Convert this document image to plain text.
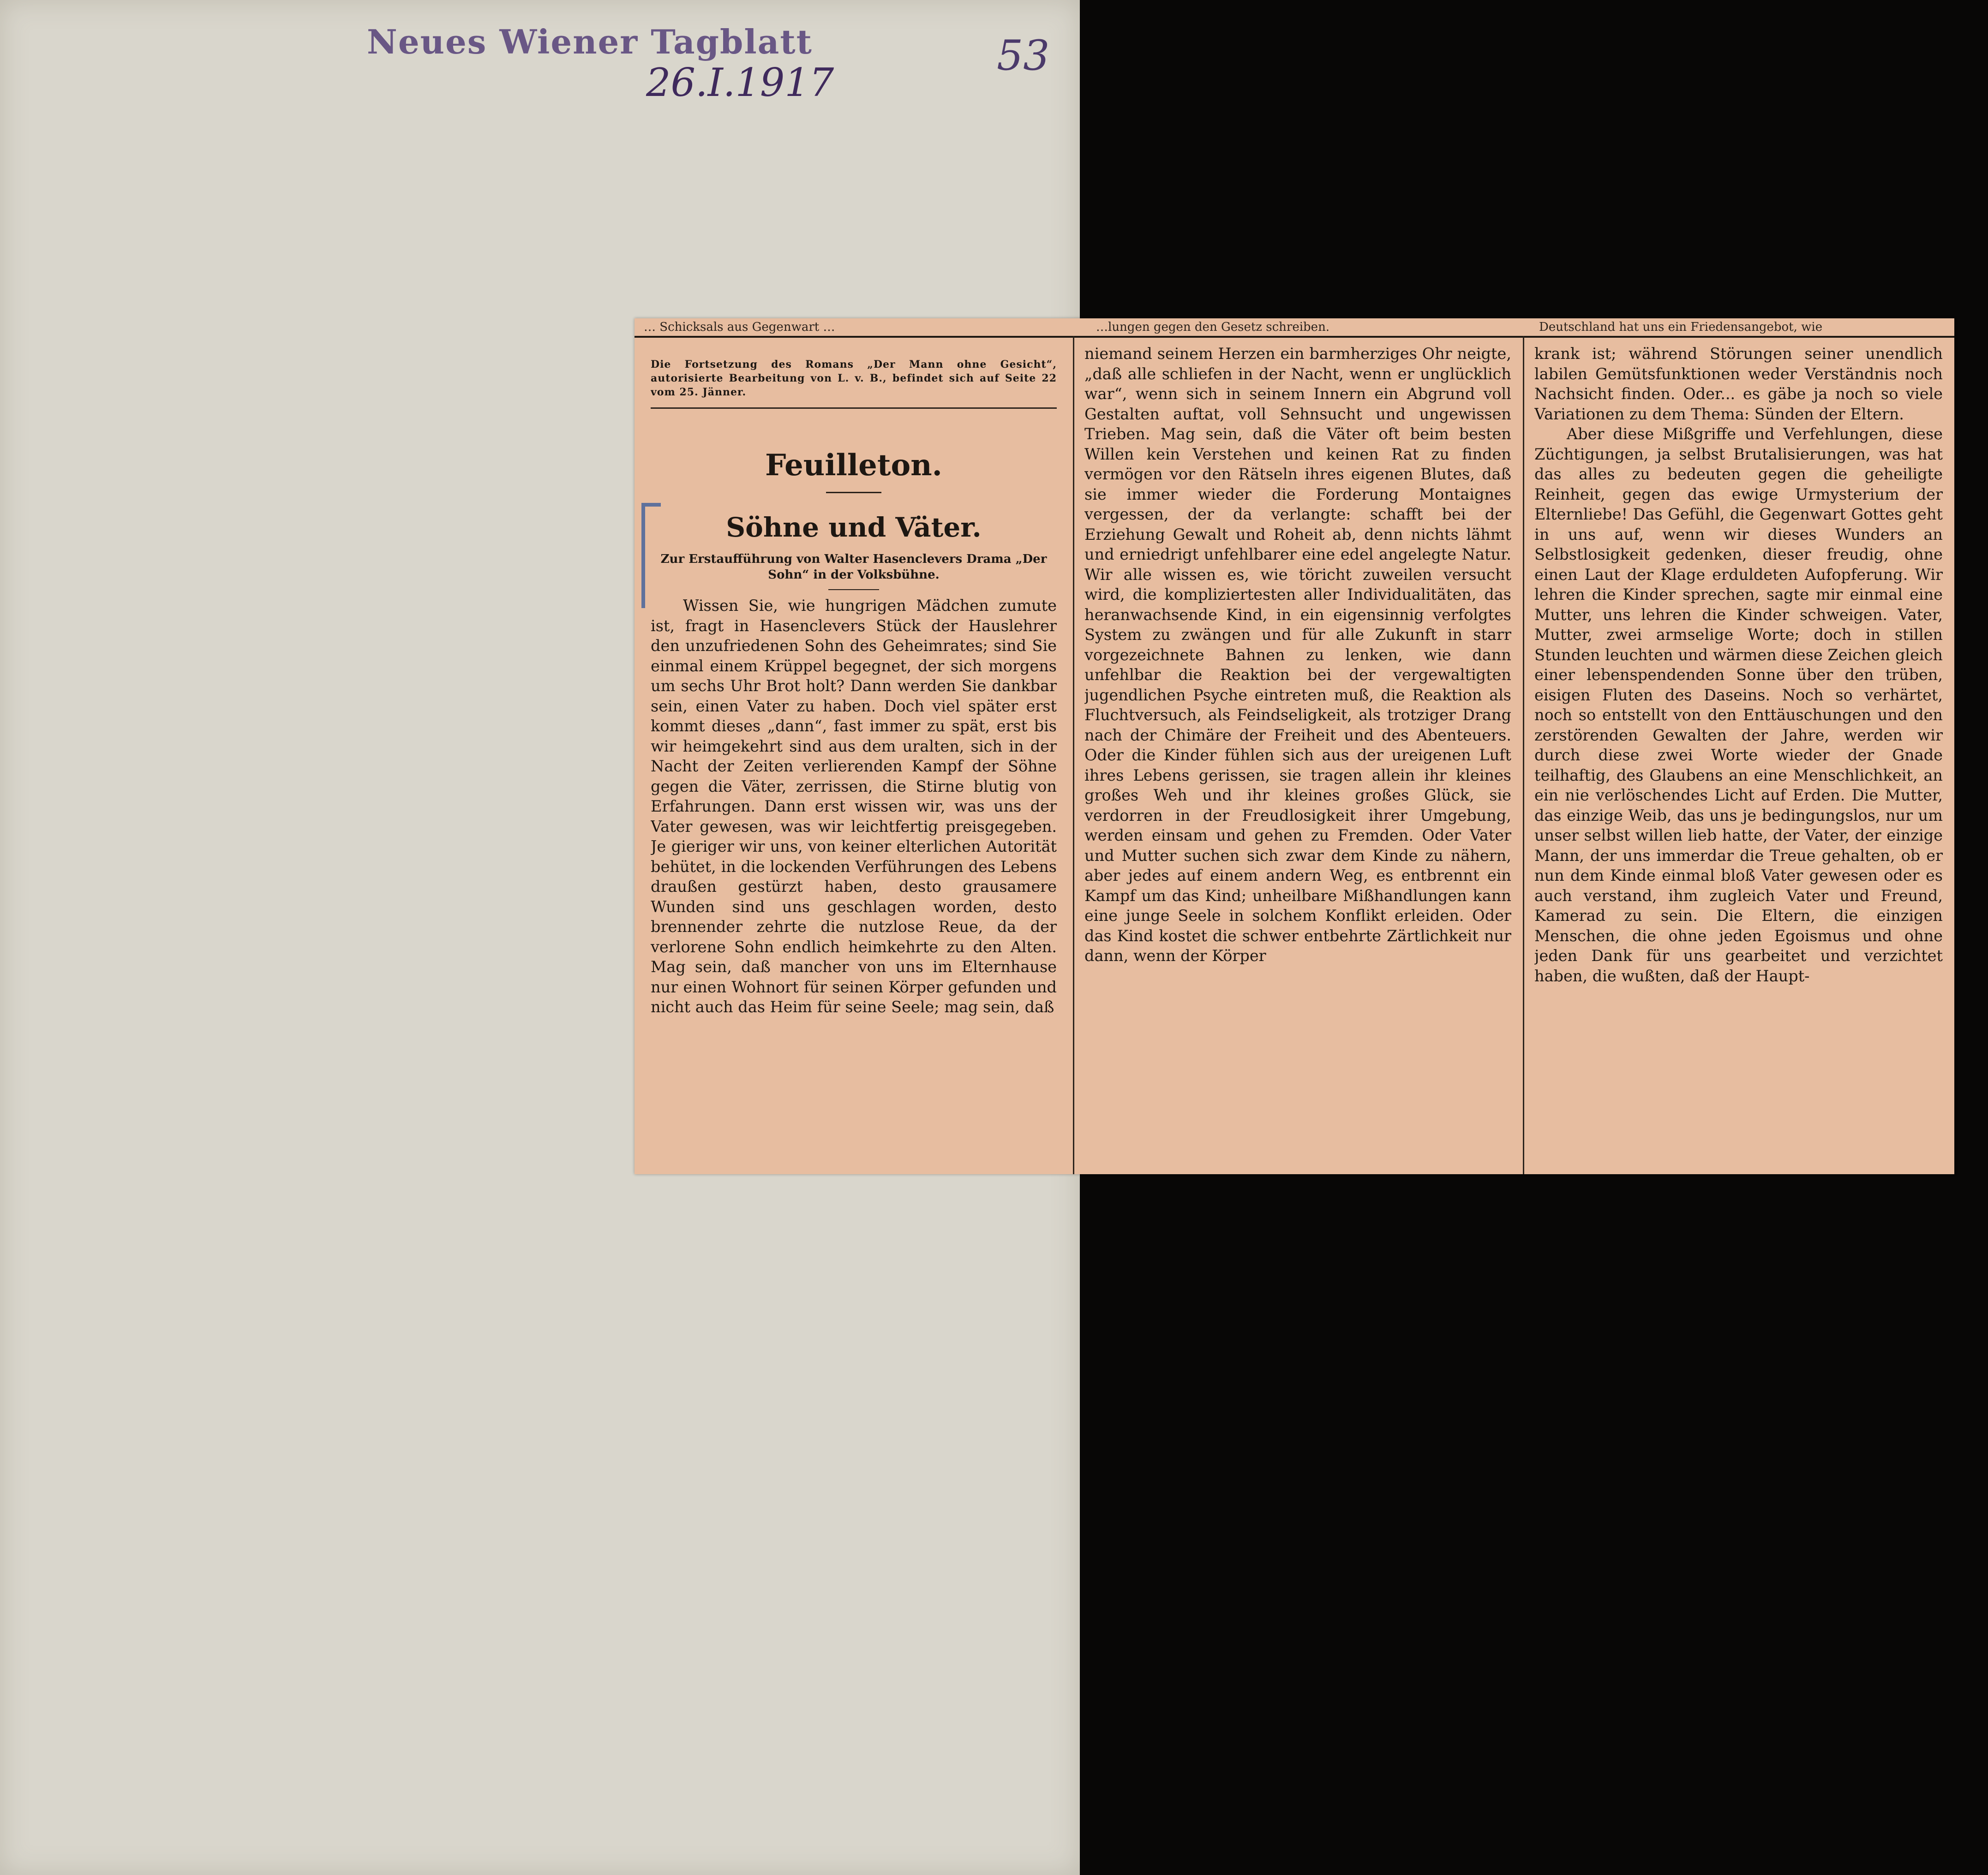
Neues Wiener Tagblatt
26.I.1917
53
… Schicksals aus Gegenwart …	…lungen gegen den Gesetz schreiben.	Deutschland hat uns ein Friedensangebot, wie
Die Fortsetzung des Romans „Der Mann ohne Gesicht“, autorisierte Bearbeitung von L. v. B., befindet sich auf Seite 22 vom 25. Jänner.
Feuilleton.
Söhne und Väter.
Zur Erstaufführung von Walter Hasenclevers Drama „Der Sohn“ in der Volksbühne.

Wissen Sie, wie hungrigen Mädchen zumute ist, fragt in Hasenclevers Stück der Hauslehrer den unzufriedenen Sohn des Geheimrates; sind Sie einmal einem Krüppel begegnet, der sich morgens um sechs Uhr Brot holt? Dann werden Sie dankbar sein, einen Vater zu haben. Doch viel später erst kommt dieses „dann“, fast immer zu spät, erst bis wir heimgekehrt sind aus dem uralten, sich in der Nacht der Zeiten verlierenden Kampf der Söhne gegen die Väter, zerrissen, die Stirne blutig von Erfahrungen. Dann erst wissen wir, was uns der Vater gewesen, was wir leichtfertig preisgegeben. Je gieriger wir uns, von keiner elterlichen Autorität behütet, in die lockenden Verführungen des Lebens draußen gestürzt haben, desto grausamere Wunden sind uns geschlagen worden, desto brennender zehrte die nutzlose Reue, da der verlorene Sohn endlich heimkehrte zu den Alten. Mag sein, daß mancher von uns im Elternhause nur einen Wohnort für seinen Körper gefunden und nicht auch das Heim für seine Seele; mag sein, daß

niemand seinem Herzen ein barmherziges Ohr neigte, „daß alle schliefen in der Nacht, wenn er unglücklich war“, wenn sich in seinem Innern ein Abgrund voll Gestalten auftat, voll Sehnsucht und ungewissen Trieben. Mag sein, daß die Väter oft beim besten Willen kein Verstehen und keinen Rat zu finden vermögen vor den Rätseln ihres eigenen Blutes, daß sie immer wieder die Forderung Montaignes vergessen, der da verlangte: schafft bei der Erziehung Gewalt und Roheit ab, denn nichts lähmt und erniedrigt unfehlbarer eine edel angelegte Natur. Wir alle wissen es, wie töricht zuweilen versucht wird, die kompliziertesten aller Individualitäten, das heranwachsende Kind, in ein eigensinnig verfolgtes System zu zwängen und für alle Zukunft in starr vorgezeichnete Bahnen zu lenken, wie dann unfehlbar die Reaktion bei der vergewaltigten jugendlichen Psyche eintreten muß, die Reaktion als Fluchtversuch, als Feindseligkeit, als trotziger Drang nach der Chimäre der Freiheit und des Abenteuers. Oder die Kinder fühlen sich aus der ureigenen Luft ihres Lebens gerissen, sie tragen allein ihr kleines großes Weh und ihr kleines großes Glück, sie verdorren in der Freudlosigkeit ihrer Umgebung, werden einsam und gehen zu Fremden. Oder Vater und Mutter suchen sich zwar dem Kinde zu nähern, aber jedes auf einem andern Weg, es entbrennt ein Kampf um das Kind; unheilbare Mißhandlungen kann eine junge Seele in solchem Konflikt erleiden. Oder das Kind kostet die schwer entbehrte Zärtlichkeit nur dann, wenn der Körper

krank ist; während Störungen seiner unendlich labilen Gemütsfunktionen weder Verständnis noch Nachsicht finden. Oder... es gäbe ja noch so viele Variationen zu dem Thema: Sünden der Eltern.

Aber diese Mißgriffe und Verfehlungen, diese Züchtigungen, ja selbst Brutalisierungen, was hat das alles zu bedeuten gegen die geheiligte Reinheit, gegen das ewige Urmysterium der Elternliebe! Das Gefühl, die Gegenwart Gottes geht in uns auf, wenn wir dieses Wunders an Selbstlosigkeit gedenken, dieser freudig, ohne einen Laut der Klage erduldeten Aufopferung. Wir lehren die Kinder sprechen, sagte mir einmal eine Mutter, uns lehren die Kinder schweigen. Vater, Mutter, zwei armselige Worte; doch in stillen Stunden leuchten und wärmen diese Zeichen gleich einer lebenspendenden Sonne über den trüben, eisigen Fluten des Daseins. Noch so verhärtet, noch so entstellt von den Enttäuschungen und den zerstörenden Gewalten der Jahre, werden wir durch diese zwei Worte wieder der Gnade teilhaftig, des Glaubens an eine Menschlichkeit, an ein nie verlöschendes Licht auf Erden. Die Mutter, das einzige Weib, das uns je bedingungslos, nur um unser selbst willen lieb hatte, der Vater, der einzige Mann, der uns immerdar die Treue gehalten, ob er nun dem Kinde einmal bloß Vater gewesen oder es auch verstand, ihm zugleich Vater und Freund, Kamerad zu sein. Die Eltern, die einzigen Menschen, die ohne jeden Egoismus und ohne jeden Dank für uns gearbeitet und verzichtet haben, die wußten, daß der Haupt-
